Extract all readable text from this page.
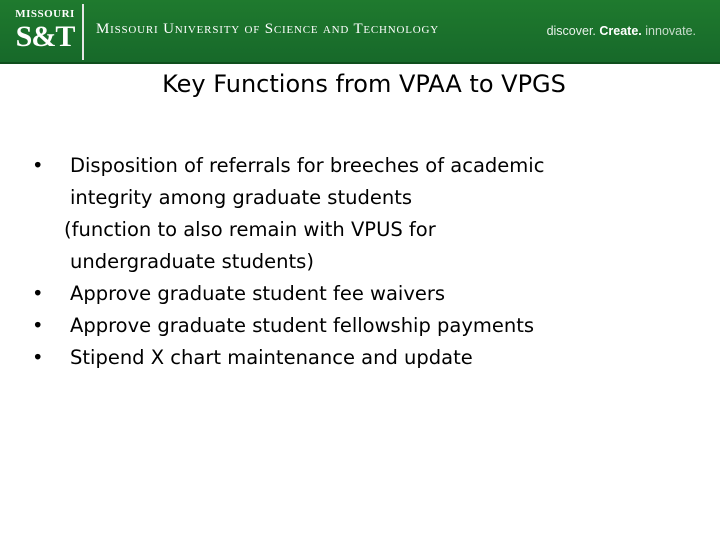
MISSOURI
S&T	Missouri University of Science and Technology	discover. Create. innovate.
Key Functions from VPAA to VPGS
•	Disposition of referrals for breeches of academic
integrity among graduate students
(function to also remain with VPUS for
undergraduate students)
•	Approve graduate student fee waivers
•	Approve graduate student fellowship payments
•	Stipend X chart maintenance and update
